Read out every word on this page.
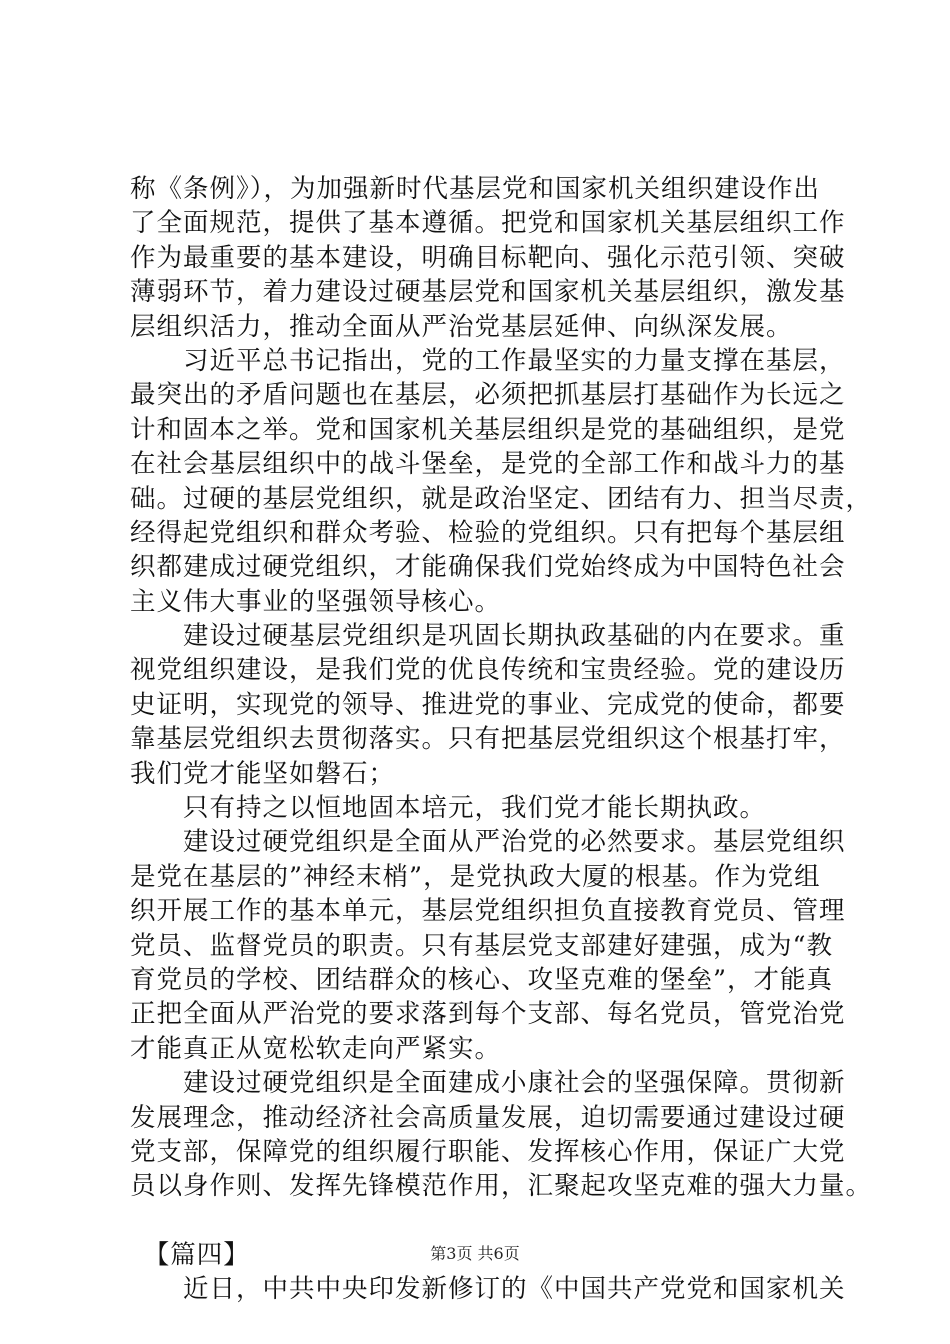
称《条例》），为加强新时代基层党和国家机关组织建设作出
了全面规范，提供了基本遵循。把党和国家机关基层组织工作
作为最重要的基本建设，明确目标靶向、强化示范引领、突破
薄弱环节，着力建设过硬基层党和国家机关基层组织，激发基
层组织活力，推动全面从严治党基层延伸、向纵深发展。
　　习近平总书记指出，党的工作最坚实的力量支撑在基层，
最突出的矛盾问题也在基层，必须把抓基层打基础作为长远之
计和固本之举。党和国家机关基层组织是党的基础组织，是党
在社会基层组织中的战斗堡垒，是党的全部工作和战斗力的基
础。过硬的基层党组织，就是政治坚定、团结有力、担当尽责，
经得起党组织和群众考验、检验的党组织。只有把每个基层组
织都建成过硬党组织，才能确保我们党始终成为中国特色社会
主义伟大事业的坚强领导核心。
　　建设过硬基层党组织是巩固长期执政基础的内在要求。重
视党组织建设，是我们党的优良传统和宝贵经验。党的建设历
史证明，实现党的领导、推进党的事业、完成党的使命，都要
靠基层党组织去贯彻落实。只有把基层党组织这个根基打牢，
我们党才能坚如磐石；
　　只有持之以恒地固本培元，我们党才能长期执政。
　　建设过硬党组织是全面从严治党的必然要求。基层党组织
是党在基层的”神经末梢”，是党执政大厦的根基。作为党组
织开展工作的基本单元，基层党组织担负直接教育党员、管理
党员、监督党员的职责。只有基层党支部建好建强，成为“教
育党员的学校、团结群众的核心、攻坚克难的堡垒”，才能真
正把全面从严治党的要求落到每个支部、每名党员，管党治党
才能真正从宽松软走向严紧实。
　　建设过硬党组织是全面建成小康社会的坚强保障。贯彻新
发展理念，推动经济社会高质量发展，迫切需要通过建设过硬
党支部，保障党的组织履行职能、发挥核心作用，保证广大党
员以身作则、发挥先锋模范作用，汇聚起攻坚克难的强大力量。
　【篇四】
　　近日，中共中央印发新修订的《中国共产党党和国家机关
第3页 共6页
